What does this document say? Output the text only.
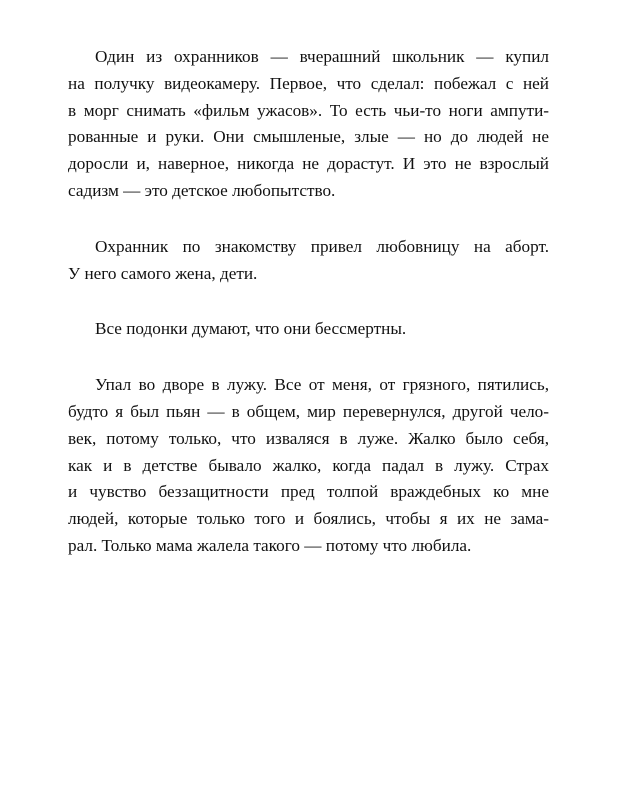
Один из охранников — вчерашний школьник — купил
на получку видеокамеру. Первое, что сделал: побежал с ней
в морг снимать «фильм ужасов». То есть чьи-то ноги ампути-
рованные и руки. Они смышленые, злые — но до людей не
доросли и, наверное, никогда не дорастут. И это не взрослый
садизм — это детское любопытство.

Охранник по знакомству привел любовницу на аборт.
У него самого жена, дети.

Все подонки думают, что они бессмертны.

Упал во дворе в лужу. Все от меня, от грязного, пятились,
будто я был пьян — в общем, мир перевернулся, другой чело-
век, потому только, что изваляся в луже. Жалко было себя,
как и в детстве бывало жалко, когда падал в лужу. Страх
и чувство беззащитности пред толпой враждебных ко мне
людей, которые только того и боялись, чтобы я их не зама-
рал. Только мама жалела такого — потому что любила.
